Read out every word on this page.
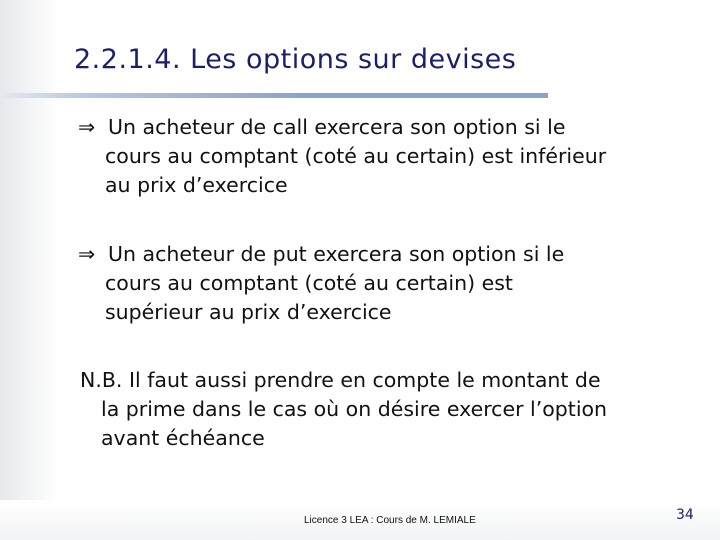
2.2.1.4. Les options sur devises
⇒ Un acheteur de call exercera son option si le
cours au comptant (coté au certain) est inférieur
au prix d’exercice
⇒ Un acheteur de put exercera son option si le
cours au comptant (coté au certain) est
supérieur au prix d’exercice
N.B. Il faut aussi prendre en compte le montant de
la prime dans le cas où on désire exercer l’option
avant échéance
Licence 3 LEA : Cours de M. LEMIALE	34
